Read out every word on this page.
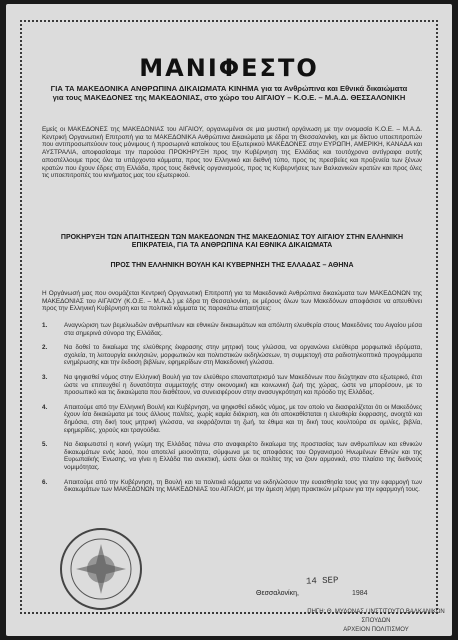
ΜΑΝΙΦΕΣΤΟ
ΓΙΑ ΤΑ ΜΑΚΕΔΟΝΙΚΑ ΑΝΘΡΩΠΙΝΑ ΔΙΚΑΙΩΜΑΤΑ ΚΙΝΗΜΑ για τα Ανθρώπινα και Εθνικά δικαιώματα για τους ΜΑΚΕΔΟΝΕΣ της ΜΑΚΕΔΟΝΙΑΣ, στο χώρο του ΑΙΓΑΙΟΥ – Κ.Ο.Ε. – Μ.Α.Δ. ΘΕΣΣΑΛΟΝΙΚΗ
Εμείς οι ΜΑΚΕΔΟΝΕΣ της ΜΑΚΕΔΟΝΙΑΣ του ΑΙΓΑΙΟΥ, οργανωμένοι σε μια μυστική οργάνωση με την ονομασία Κ.Ο.Ε. – Μ.Α.Δ. Κεντρική Οργανωτική Επιτροπή για τα ΜΑΚΕΔΟΝΙΚΑ Ανθρώπινα Δικαιώματα με έδρα τη Θεσσαλονίκη, και με δίκτυο υποεπιτροπών που αντιπροσωπεύουν τους μόνιμους ή προσωρινά κατοίκους του Εξωτερικού ΜΑΚΕΔΟΝΕΣ στην ΕΥΡΩΠΗ, ΑΜΕΡΙΚΗ, ΚΑΝΑΔΑ και ΑΥΣΤΡΑΛΙΑ, αποφασίσαμε την παρούσα ΠΡΟΚΗΡΥΞΗ προς την Κυβέρνηση της Ελλάδας και τουτόχρονα αντίγραφα αυτής αποστέλλουμε προς όλα τα υπάρχοντα κόμματα, προς τον Ελληνικό και διεθνή τύπο, προς τις πρεσβείες και προξενεία των ξένων κρατών που έχουν έδρες στη Ελλάδα, προς τους διεθνείς οργανισμούς, προς τις Κυβερνήσεις των Βαλκανικών κρατών και προς όλες τις υποεπιτροπές του κινήματος μας του εξωτερικού.
ΠΡΟΚΗΡΥΞΗ ΤΩΝ ΑΠΑΙΤΗΣΕΩΝ ΤΩΝ ΜΑΚΕΔΟΝΩΝ ΤΗΣ ΜΑΚΕΔΟΝΙΑΣ ΤΟΥ ΑΙΓΑΙΟΥ ΣΤΗΝ ΕΛΛΗΝΙΚΗ ΕΠΙΚΡΑΤΕΙΑ, ΓΙΑ ΤΑ ΑΝΘΡΩΠΙΝΑ ΚΑΙ ΕΘΝΙΚΑ ΔΙΚΑΙΩΜΑΤΑ
ΠΡΟΣ ΤΗΝ ΕΛΛΗΝΙΚΗ ΒΟΥΛΗ ΚΑΙ ΚΥΒΕΡΝΗΣΗ ΤΗΣ ΕΛΛΑΔΑΣ – ΑΘΗΝΑ
Η Οργάνωσή μας που ονομάζεται Κεντρική Οργανωτική Επιτροπή για τα Μακεδονικά Ανθρώπινα δικαιώματα των ΜΑΚΕΔΟΝΩΝ της ΜΑΚΕΔΟΝΙΑΣ του ΑΙΓΑΙΟΥ (Κ.Ο.Ε. – Μ.Α.Δ.) με έδρα τη Θεσσαλονίκη, εκ μέρους όλων των Μακεδόνων αποφάσισε να απευθύνει προς την Ελληνική Κυβέρνηση και τα πολιτικά κόμματα τις παρακάτω απαιτήσεις:
1.	Αναγνώριση των βεμελιωδών ανθρωπίνων και εθνικών δικαιωμάτων και απόλυτη ελευθερία στους Μακεδόνες του Αιγαίου μέσα στα σημερινά σύνορα της Ελλάδας.
2.	Να δοθεί το δικαίωμα της ελεύθερης έκφρασης στην μητρική τους γλώσσα, να οργανώνει ελεύθερα μορφωτικά ιδρύματα, σχολεία, τη λειτουργία εκκλησιών, μορφωτικών και πολιτιστικών εκδηλώσεων, τη συμμετοχή στα ραδιοτηλεοπτικά προγράμματα ενημέρωσης και την έκδοση βιβλίων, εφημερίδων στη Μακεδονική γλώσσα.
3.	Να ψηφισθεί νόμος στην Ελληνική Βουλή για τον ελεύθερο επαναπατρισμό των Μακεδόνων που διώχτηκαν στο εξωτερικό, έτσι ώστε να επιτευχθεί η δυνατότητα συμμετοχής στην οικονομική και κοινωνική ζωή της χώρας, ώστε να μπορέσουν, με το προσωπικό και τις δικαιώματα που διαθέτουν, να συνεισφέρουν στην ανασυγκρότηση και πρόοδο της Ελλάδας.
4.	Απαιτούμε από την Ελληνική Βουλή και Κυβέρνηση, να ψηφισθεί ειδικός νόμος, με τον οποίο να διασφαλίζεται ότι οι Μακεδόνες έχουν ίσα δικαιώματα με τους άλλους πολίτες, χωρίς καμία διάκριση, και ότι αποκαθίσταται η ελευθερία έκφρασης, ανοιχτά και δημόσια, στη δική τους μητρική γλώσσα, να εκφράζονται τη ζωή, τα έθιμα και τη δική τους κουλτούρα σε ομιλίες, βιβλία, εφημερίδες, χορούς και τραγούδια.
5.	Να διαφωτιστεί η κοινή γνώμη της Ελλάδας πάνω στο αναφαιρέτο δικαίωμα της προστασίας των ανθρωπίνων και εθνικών δικαιωμάτων ενός λαού, που αποτελεί μειονότητα, σύμφωνα με τις αποφάσεις του Οργανισμού Ηνωμένων Εθνών και της Ευρωπαϊκής Ένωσης, να γίνει η Ελλάδα πιο ανεκτική, ώστε όλοι οι πολίτες της να ζουν αρμονικά, στο πλαίσιο της διεθνούς νομιμότητας.
6.	Απαιτούμε από την Κυβέρνηση, τη Βουλή και τα πολιτικά κόμματα να εκδηλώσουν την ευαισθησία τους για την εφαρμογή των δικαιωμάτων των ΜΑΚΕΔΟΝΩΝ της ΜΑΚΕΔΟΝΙΑΣ του ΑΙΓΑΙΟΥ, με την άμεση λήψη πρακτικών μέτρων για την εφαρμογή τους.
14 SEP
Θεσσαλονίκη,	1984
ΠΗΓΗ: Θ. ΜΥΛΩΝΑΣ / ΙΝΣΤΙΤΟΥΤΟ ΒΑΛΚΑΝΙΚΩΝ ΣΠΟΥΔΩΝ
ΑΡΧΕΙΟΝ ΠΟΛΙΤΙΣΜΟΥ
